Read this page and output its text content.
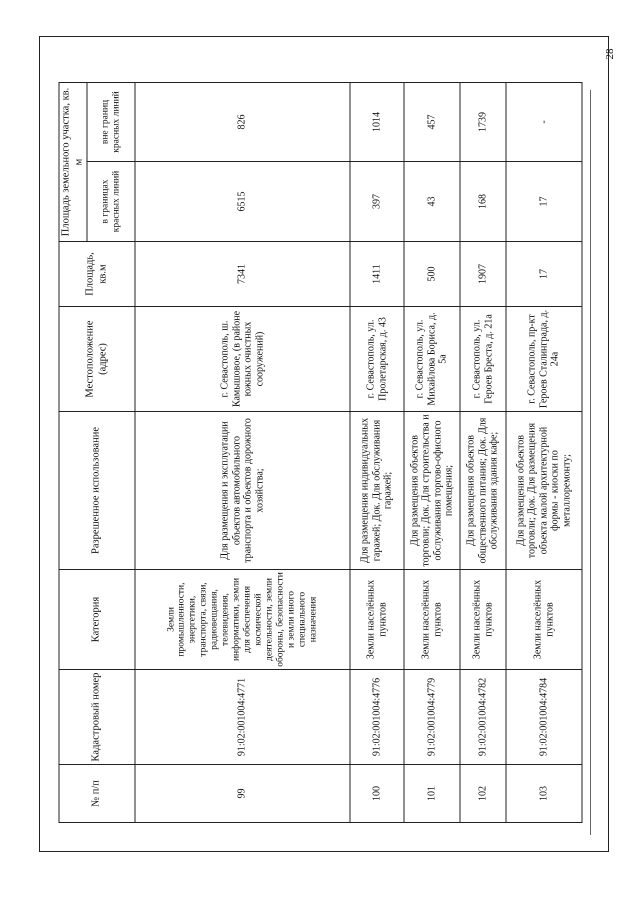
28
№ п/п	Кадастровый номер	Категория	Разрешенное использование	Местоположение (адрес)	Площадь, кв.м	Площадь земельного участка, кв. м	
						в границах красных линий	вне границ красных линий
99	91:02:001004:4771	Земли промышленности, энергетики, транспорта, связи, радиовещания, телевидения, информатики, земли для обеспечения космической деятельности, земли обороны, безопасности и земли иного специального назначения	Для размещения и эксплуатации объектов автомобильного транспорта и объектов дорожного хозяйства;	г. Севастополь, ш. Камышовое, (в районе южных очистных сооружений)	7341	6515	826
100	91:02:001004:4776	Земли населённых пунктов	Для размещения индивидуальных гаражей; Док. Для обслуживания гаражей;	г. Севастополь, ул. Пролетарская, д. 43	1411	397	1014
101	91:02:001004:4779	Земли населённых пунктов	Для размещения объектов торговли; Док. Для строительства и обслуживания торгово-офисного помещения;	г. Севастополь, ул. Михайлова Бориса, д. 5а	500	43	457
102	91:02:001004:4782	Земли населённых пунктов	Для размещения объектов общественного питания; Док. Для обслуживания здания кафе;	г. Севастополь, ул. Героев Бреста, д. 21а	1907	168	1739
103	91:02:001004:4784	Земли населённых пунктов	Для размещения объектов торговли; Док. Для размещения объекта малой архитектурной формы - киоски по металлоремонту;	г. Севастополь, пр-кт Героев Сталинграда, д. 24а	17	17	-
